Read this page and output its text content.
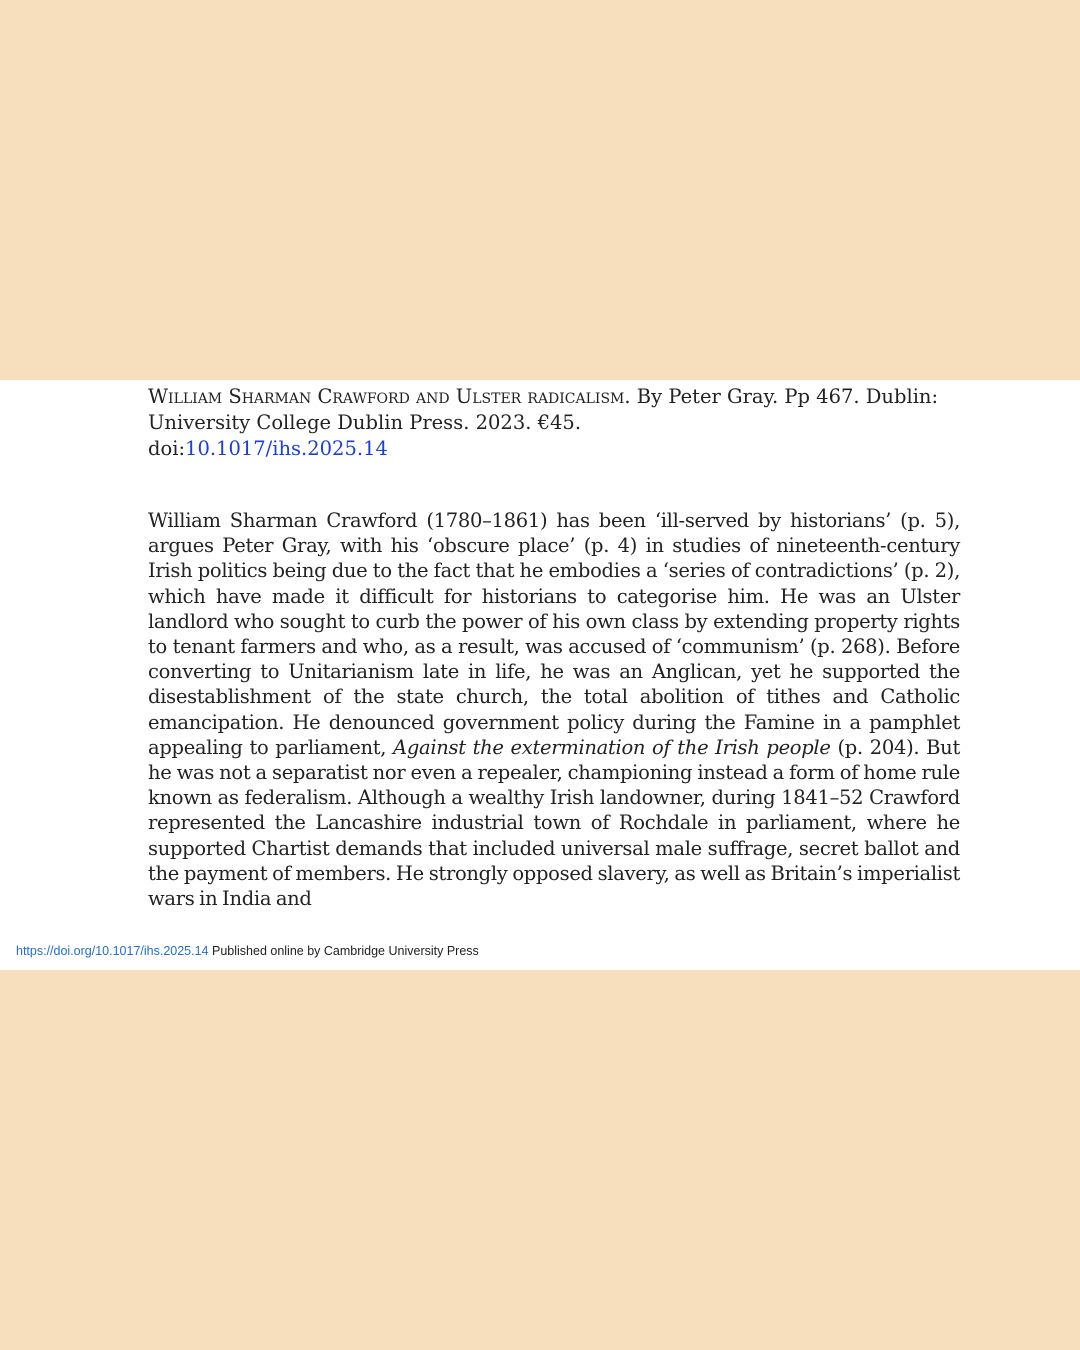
William Sharman Crawford and Ulster radicalism. By Peter Gray. Pp 467. Dublin: University College Dublin Press. 2023. €45.
doi:10.1017/ihs.2025.14

William Sharman Crawford (1780–1861) has been ‘ill-served by historians’ (p. 5), argues Peter Gray, with his ‘obscure place’ (p. 4) in studies of nineteenth-century Irish politics being due to the fact that he embodies a ‘series of contradictions’ (p. 2), which have made it difficult for historians to categorise him. He was an Ulster landlord who sought to curb the power of his own class by extending property rights to tenant farmers and who, as a result, was accused of ‘communism’ (p. 268). Before converting to Unitarianism late in life, he was an Anglican, yet he supported the disestablishment of the state church, the total abolition of tithes and Catholic emancipation. He denounced government policy during the Famine in a pamphlet appealing to parliament, Against the extermination of the Irish people (p. 204). But he was not a separatist nor even a repealer, championing instead a form of home rule known as federalism. Although a wealthy Irish landowner, during 1841–52 Crawford represented the Lancashire industrial town of Rochdale in parliament, where he supported Chartist demands that included universal male suffrage, secret ballot and the payment of members. He strongly opposed slavery, as well as Britain’s imperialist wars in India and

https://doi.org/10.1017/ihs.2025.14 Published online by Cambridge University Press
